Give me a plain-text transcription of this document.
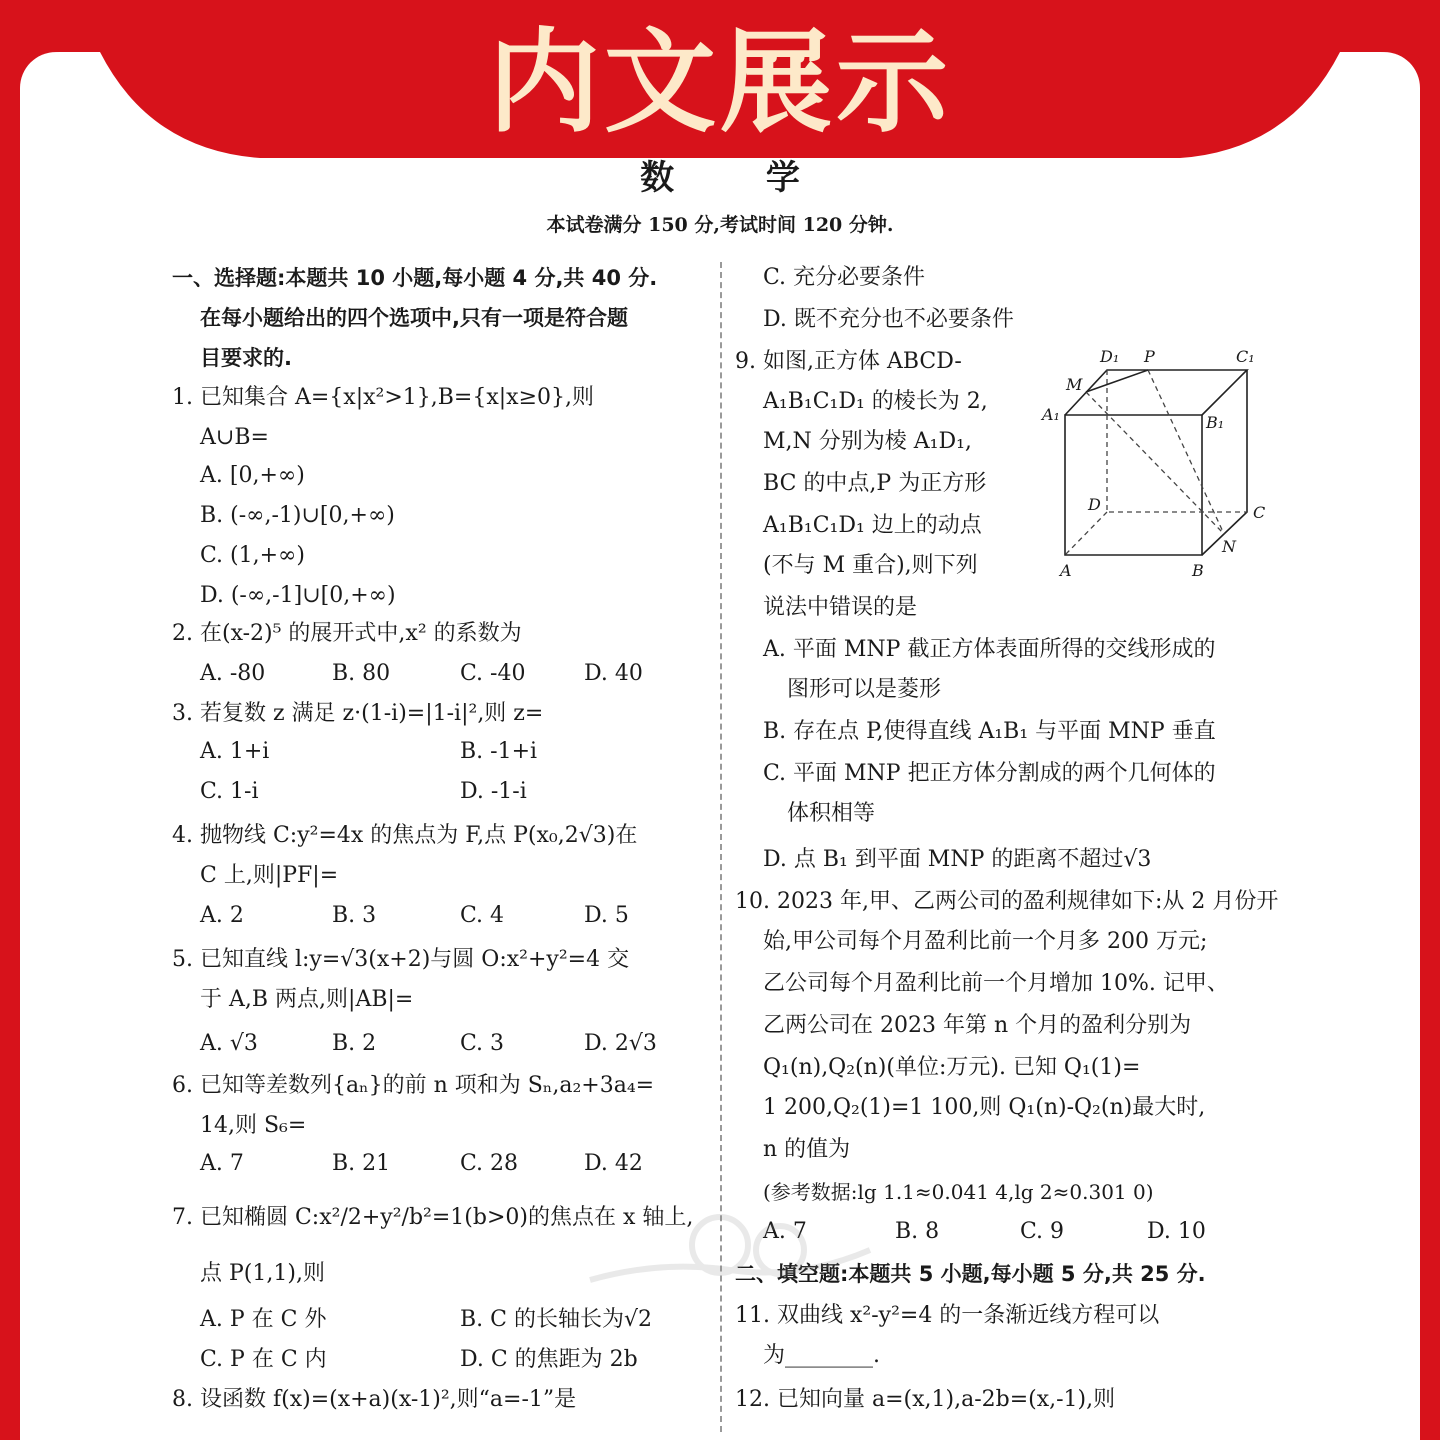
内文展示
数 学
本试卷满分 150 分,考试时间 120 分钟.
一、选择题:本题共 10 小题,每小题 4 分,共 40 分.
在每小题给出的四个选项中,只有一项是符合题
目要求的.
1. 已知集合 A={x|x²>1},B={x|x≥0},则
A∪B=
A. [0,+∞)
B. (-∞,-1)∪[0,+∞)
C. (1,+∞)
D. (-∞,-1]∪[0,+∞)
2. 在(x-2)⁵ 的展开式中,x² 的系数为
A. -80	B. 80	C. -40	D. 40
3. 若复数 z 满足 z·(1-i)=|1-i|²,则 z=
A. 1+i	B. -1+i
C. 1-i	D. -1-i
4. 抛物线 C:y²=4x 的焦点为 F,点 P(x₀,2√3)在
C 上,则|PF|=
A. 2	B. 3	C. 4	D. 5
5. 已知直线 l:y=√3(x+2)与圆 O:x²+y²=4 交
于 A,B 两点,则|AB|=
A. √3	B. 2	C. 3	D. 2√3
6. 已知等差数列{aₙ}的前 n 项和为 Sₙ,a₂+3a₄=
14,则 S₆=
A. 7	B. 21	C. 28	D. 42
7. 已知椭圆 C:x²/2+y²/b²=1(b>0)的焦点在 x 轴上,
点 P(1,1),则
A. P 在 C 外	B. C 的长轴长为√2
C. P 在 C 内	D. C 的焦距为 2b
8. 设函数 f(x)=(x+a)(x-1)²,则“a=-1”是
C. 充分必要条件
D. 既不充分也不必要条件
9. 如图,正方体 ABCD-
A₁B₁C₁D₁ 的棱长为 2,
M,N 分别为棱 A₁D₁,
BC 的中点,P 为正方形
A₁B₁C₁D₁ 边上的动点
(不与 M 重合),则下列
说法中错误的是
A. 平面 MNP 截正方体表面所得的交线形成的
图形可以是菱形
B. 存在点 P,使得直线 A₁B₁ 与平面 MNP 垂直
C. 平面 MNP 把正方体分割成的两个几何体的
体积相等
D. 点 B₁ 到平面 MNP 的距离不超过√3
10. 2023 年,甲、乙两公司的盈利规律如下:从 2 月份开
始,甲公司每个月盈利比前一个月多 200 万元;
乙公司每个月盈利比前一个月增加 10%. 记甲、
乙两公司在 2023 年第 n 个月的盈利分别为
Q₁(n),Q₂(n)(单位:万元). 已知 Q₁(1)=
1 200,Q₂(1)=1 100,则 Q₁(n)-Q₂(n)最大时,
n 的值为
(参考数据:lg 1.1≈0.041 4,lg 2≈0.301 0)
A. 7	B. 8	C. 9	D. 10
二、填空题:本题共 5 小题,每小题 5 分,共 25 分.
11. 双曲线 x²-y²=4 的一条渐近线方程可以
为________.
12. 已知向量 a=(x,1),a-2b=(x,-1),则
D₁ P	C₁
M
A₁	B₁
D	C
N
A	B
